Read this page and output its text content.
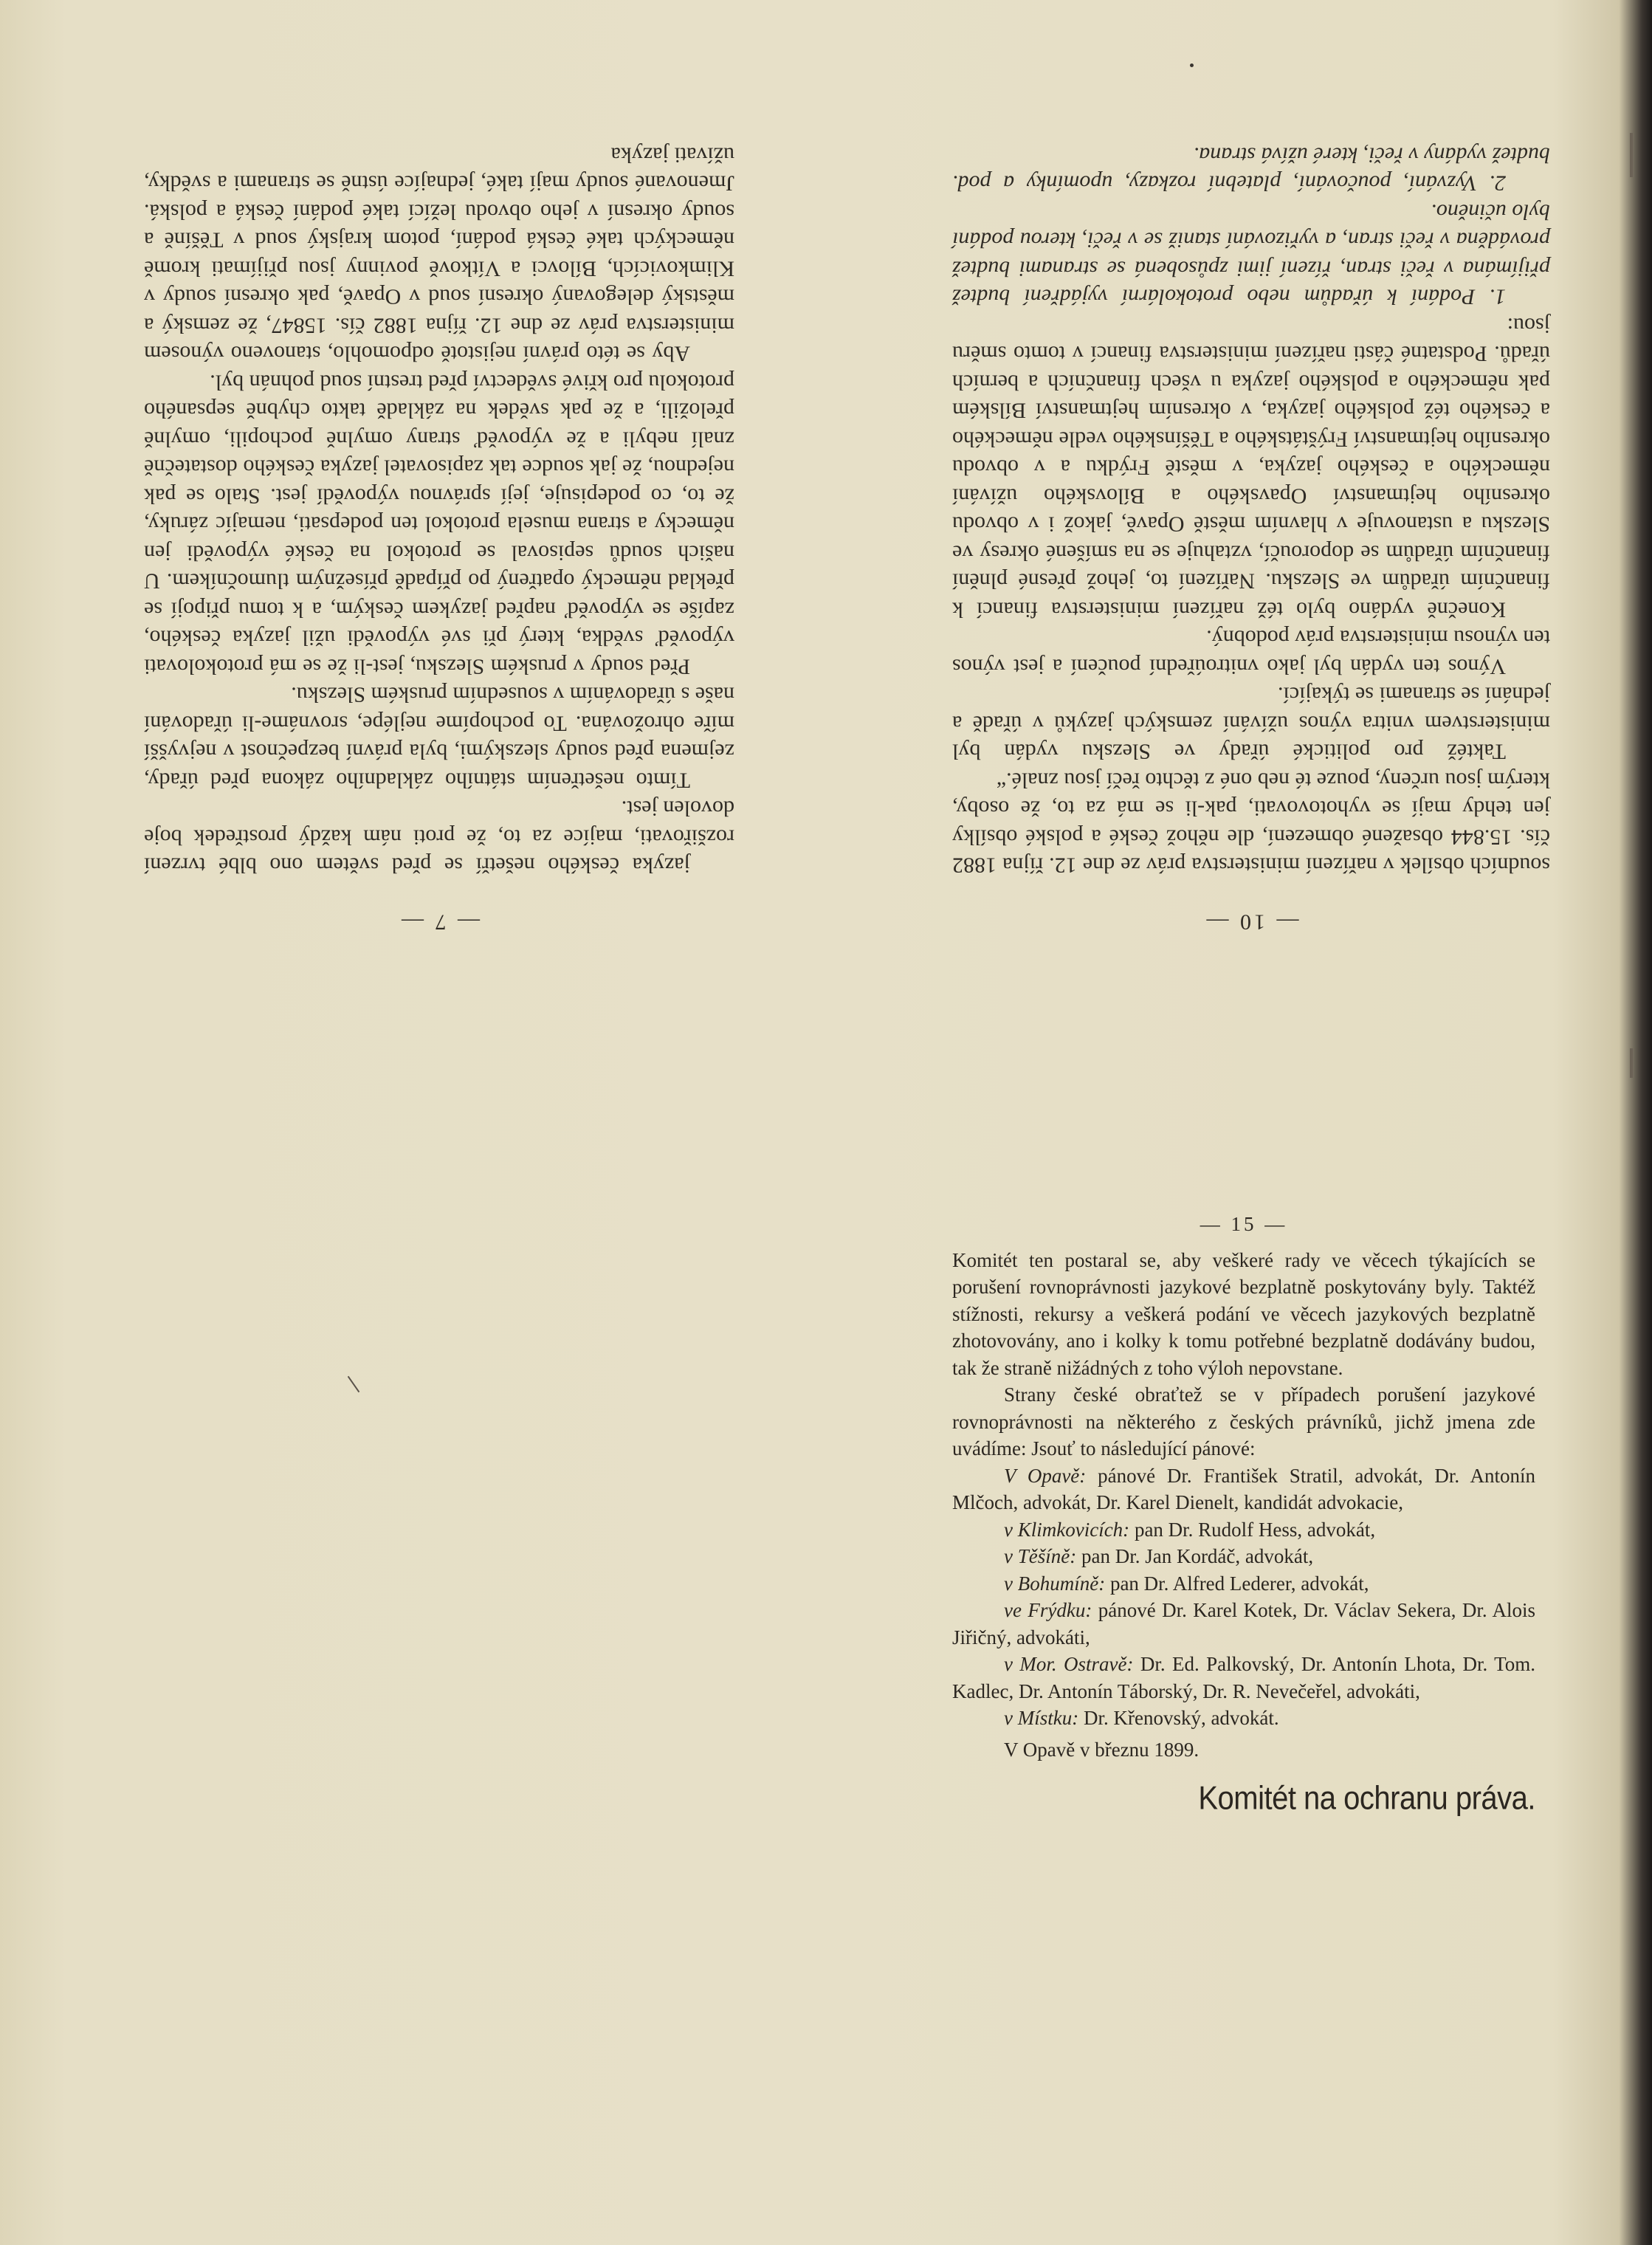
— 7 —

jazyka českého nešetří se před světem ono blbé tvrzení rozšiřovati, majíce za to, že proti nám každý prostředek boje dovolen jest.

Tímto nešetřením státního základního zákona před úřady, zejmena před soudy slezskými, byla právní bezpečnost v nejvyšší míře ohrožována. To pochopíme nejlépe, srovnáme-li úřadování naše s úřadováním v sousedním pruském Slezsku.

Před soudy v pruském Slezsku, jest-li že se má protokolovati výpověď svědka, který při své výpovědi užil jazyka českého, zapíše se výpověď napřed jazykem českým, a k tomu připojí se překlad německý opatřený po případě přísežným tlumočníkem. U našich soudů sepisoval se protokol na české výpovědi jen německy a strana musela protokol ten podepsati, nemajíc záruky, že to, co podepisuje, její správnou výpovědí jest. Stalo se pak nejednou, že jak soudce tak zapisovatel jazyka českého dostatečně znalí nebyli a že výpověď strany omylně pochopili, omylně přeložili, a že pak svědek na základě takto chybně sepsaného protokolu pro křivé svědectví před trestní soud pohnán byl.

Aby se této právní nejistotě odpomohlo, stanoveno výnosem ministerstva práv ze dne 12. října 1882 čís. 15847, že zemský a městský delegovaný okresní soud v Opavě, pak okresní soudy v Klimkovicích, Bílovci a Vítkově povinny jsou přijímati kromě německých také česká podání, potom krajský soud v Těšíně a soudy okresní v jeho obvodu ležící také podání česká a polská. Jmenované soudy mají také, jednajíce ústně se stranami a svědky, užívati jazyka

— 10 —

soudních obsílek v nařízení ministerstva práv ze dne 12. října 1882 čís. 15.844 obsažené obmezení, dle něhož české a polské obsílky jen tehdy mají se vyhotovovati, pak-li se má za to, že osoby, kterým jsou určeny, pouze té neb oné z těchto řečí jsou znalé.“

Taktéž pro politické úřady ve Slezsku vydán byl ministerstvem vnitra výnos užívání zemských jazyků v úřadě a jednání se stranami se týkající.

Výnos ten vydán byl jako vnitroúřední poučení a jest výnos ten výnosu ministerstva práv podobný.

Konečně vydáno bylo též nařízení ministerstva financí k finančním úřadům ve Slezsku. Nařízení to, jehož přesné plnění finančním úřadům se doporoučí, vztahuje se na smíšené okresy ve Slezsku a ustanovuje v hlavním městě Opavě, jakož i v obvodu okresního hejtmanství Opavského a Bílovského užívání německého a českého jazyka, v městě Frýdku a v obvodu okresního hejtmanství Frýštátského a Těšínského vedle německého a českého též polského jazyka, v okresním hejtmanství Bílském pak německého a polského jazyka u všech finančních a berních úřadů. Podstatné části nařízení ministerstva financí v tomto směru jsou:

1. Podání k úřadům nebo protokolární vyjádření budtež přijímána v řeči stran, řízení jimi způsobená se stranami budtež prováděna v řeči stran, a vyřizování staniž se v řeči, kterou podání bylo učiněno.

2. Vyzvání, poučování, platební rozkazy, upomínky a pod. budtež vydány v řeči, které užívá strana.

— 15 —

Komitét ten postaral se, aby veškeré rady ve věcech týkajících se porušení rovnoprávnosti jazykové bezplatně poskytovány byly. Taktéž stížnosti, rekursy a veškerá podání ve věcech jazykových bezplatně zhotovovány, ano i kolky k tomu potřebné bezplatně dodávány budou, tak že straně nižádných z toho výloh nepovstane.

Strany české obraťtež se v případech porušení jazykové rovnoprávnosti na některého z českých právníků, jichž jmena zde uvádíme: Jsouť to následující pánové:

V Opavě: pánové Dr. František Stratil, advokát, Dr. Antonín Mlčoch, advokát, Dr. Karel Dienelt, kandidát advokacie,

v Klimkovicích: pan Dr. Rudolf Hess, advokát,

v Těšíně: pan Dr. Jan Kordáč, advokát,

v Bohumíně: pan Dr. Alfred Lederer, advokát,

ve Frýdku: pánové Dr. Karel Kotek, Dr. Václav Sekera, Dr. Alois Jiřičný, advokáti,

v Mor. Ostravě: Dr. Ed. Palkovský, Dr. Antonín Lhota, Dr. Tom. Kadlec, Dr. Antonín Táborský, Dr. R. Nevečeřel, advokáti,

v Místku: Dr. Křenovský, advokát.

V Opavě v březnu 1899.

Komitét na ochranu práva.
